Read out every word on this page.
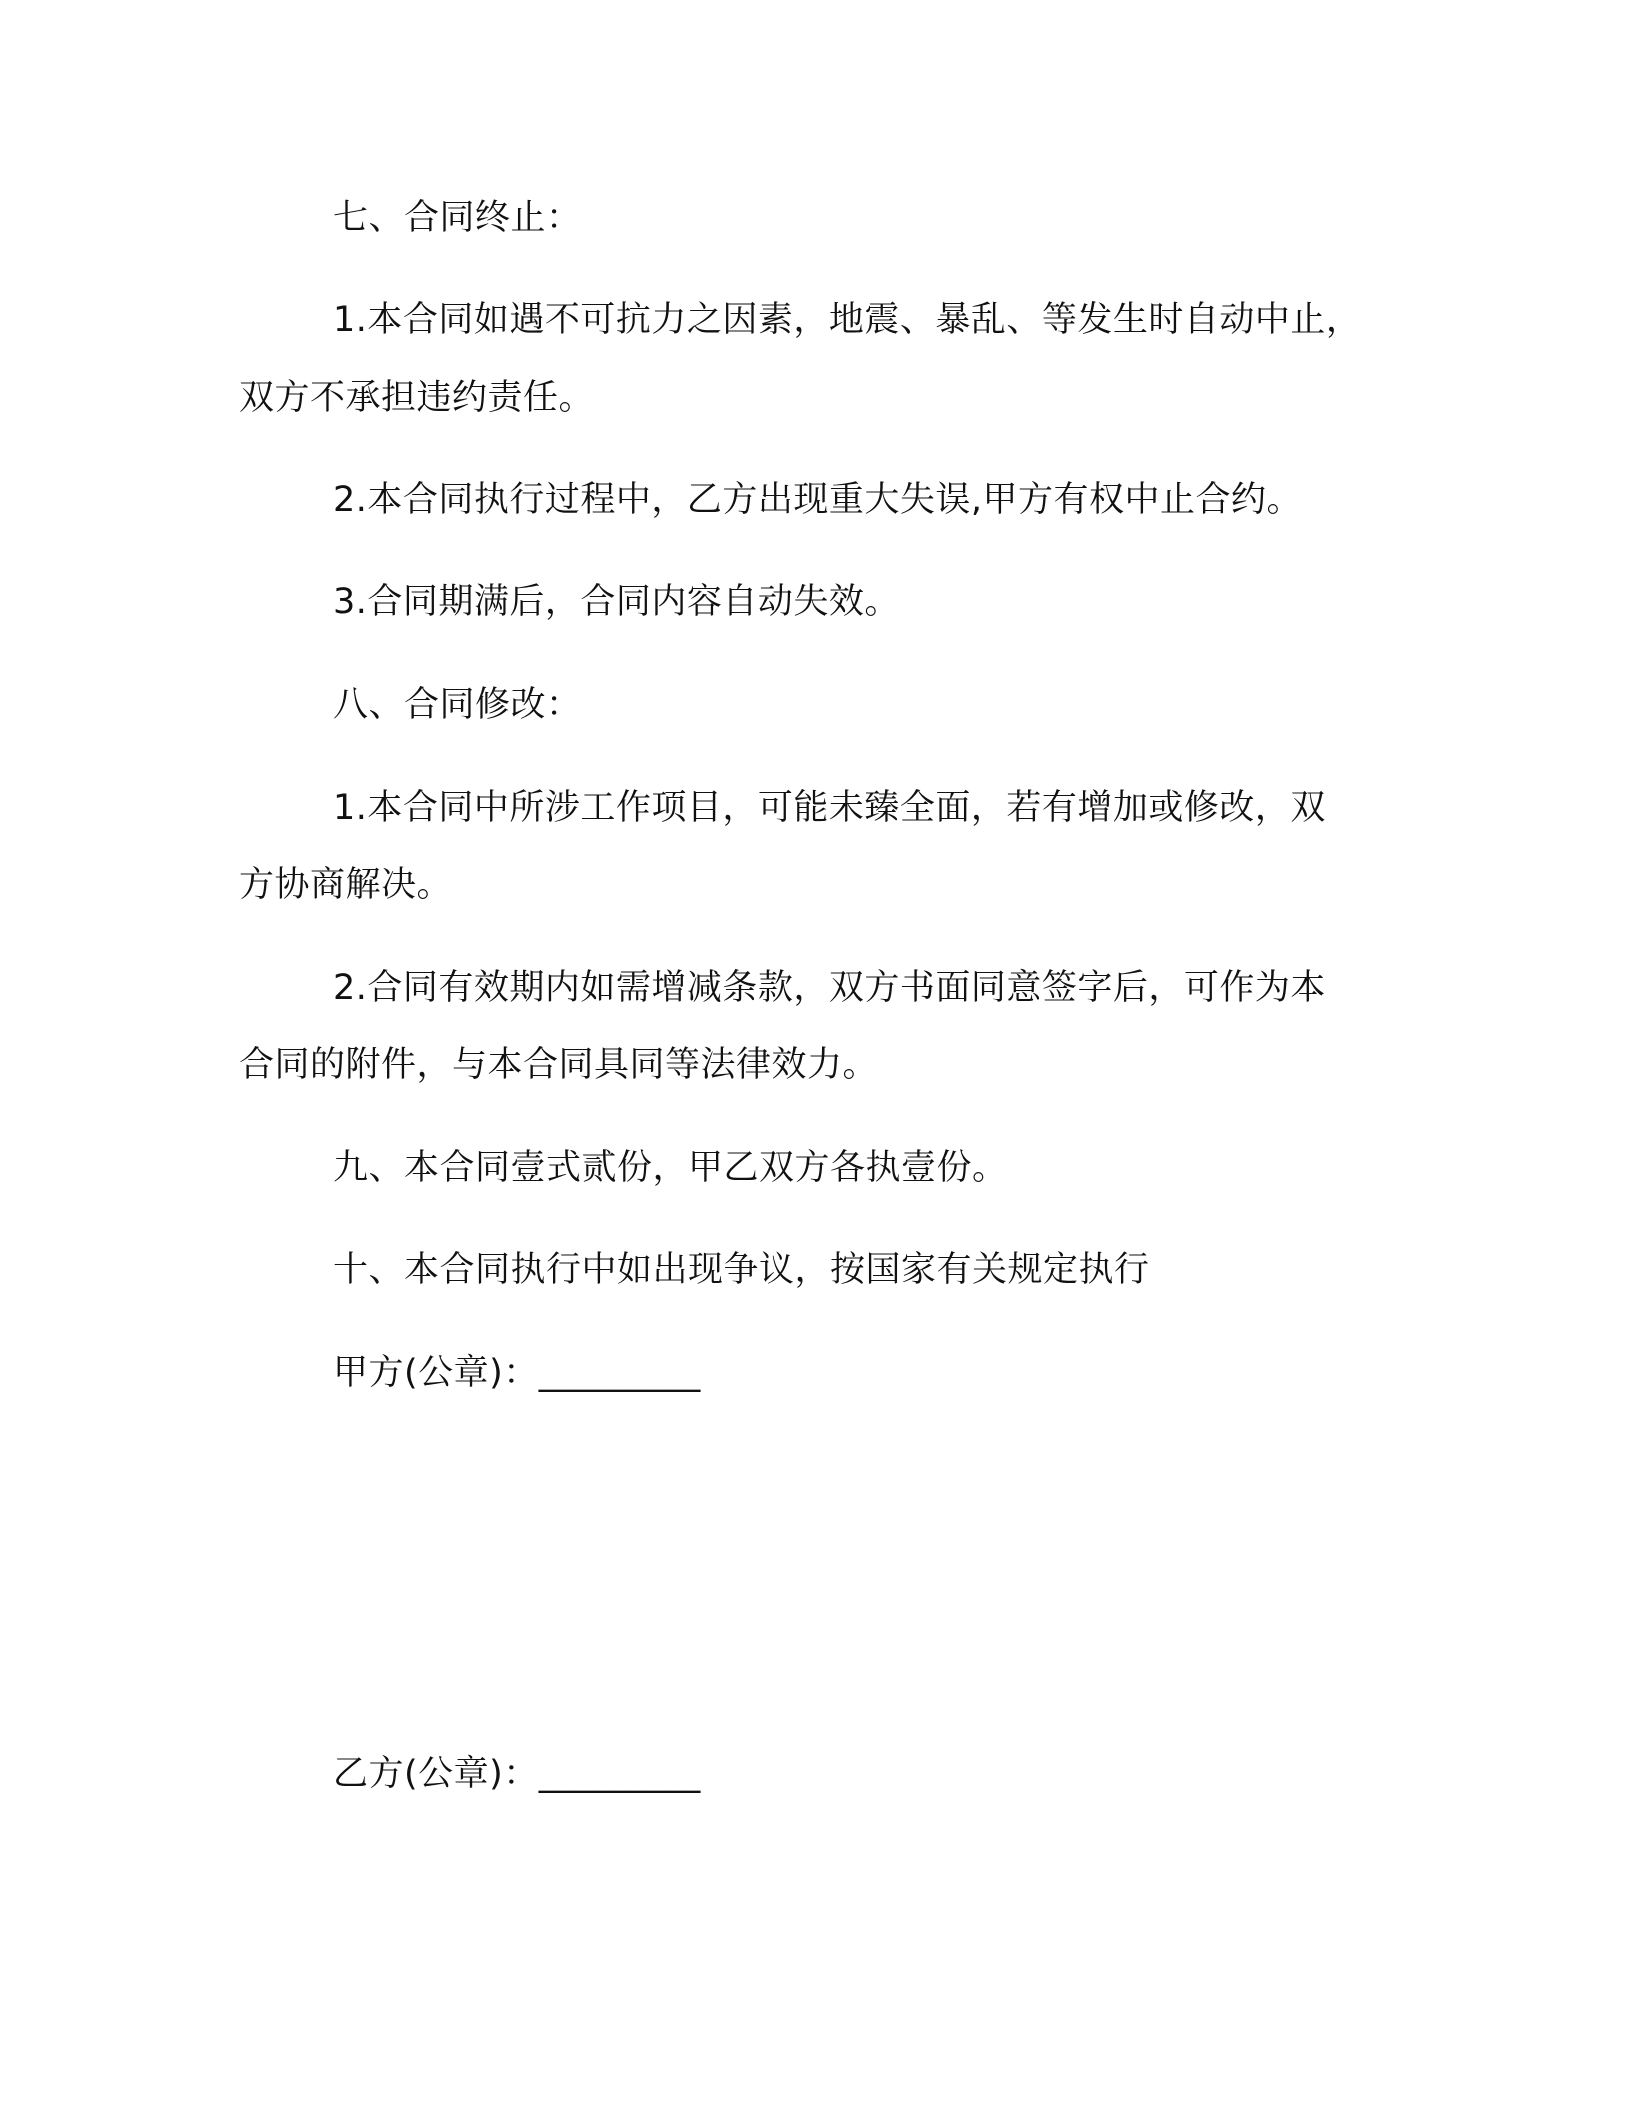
七、合同终止：
1.本合同如遇不可抗力之因素，地震、暴乱、等发生时自动中止，
双方不承担违约责任。
2.本合同执行过程中，乙方出现重大失误,甲方有权中止合约。
3.合同期满后，合同内容自动失效。
八、合同修改：
1.本合同中所涉工作项目，可能未臻全面，若有增加或修改，双
方协商解决。
2.合同有效期内如需增减条款，双方书面同意签字后，可作为本
合同的附件，与本合同具同等法律效力。
九、本合同壹式贰份，甲乙双方各执壹份。
十、本合同执行中如出现争议，按国家有关规定执行
甲方(公章)：_________
乙方(公章)：_________
